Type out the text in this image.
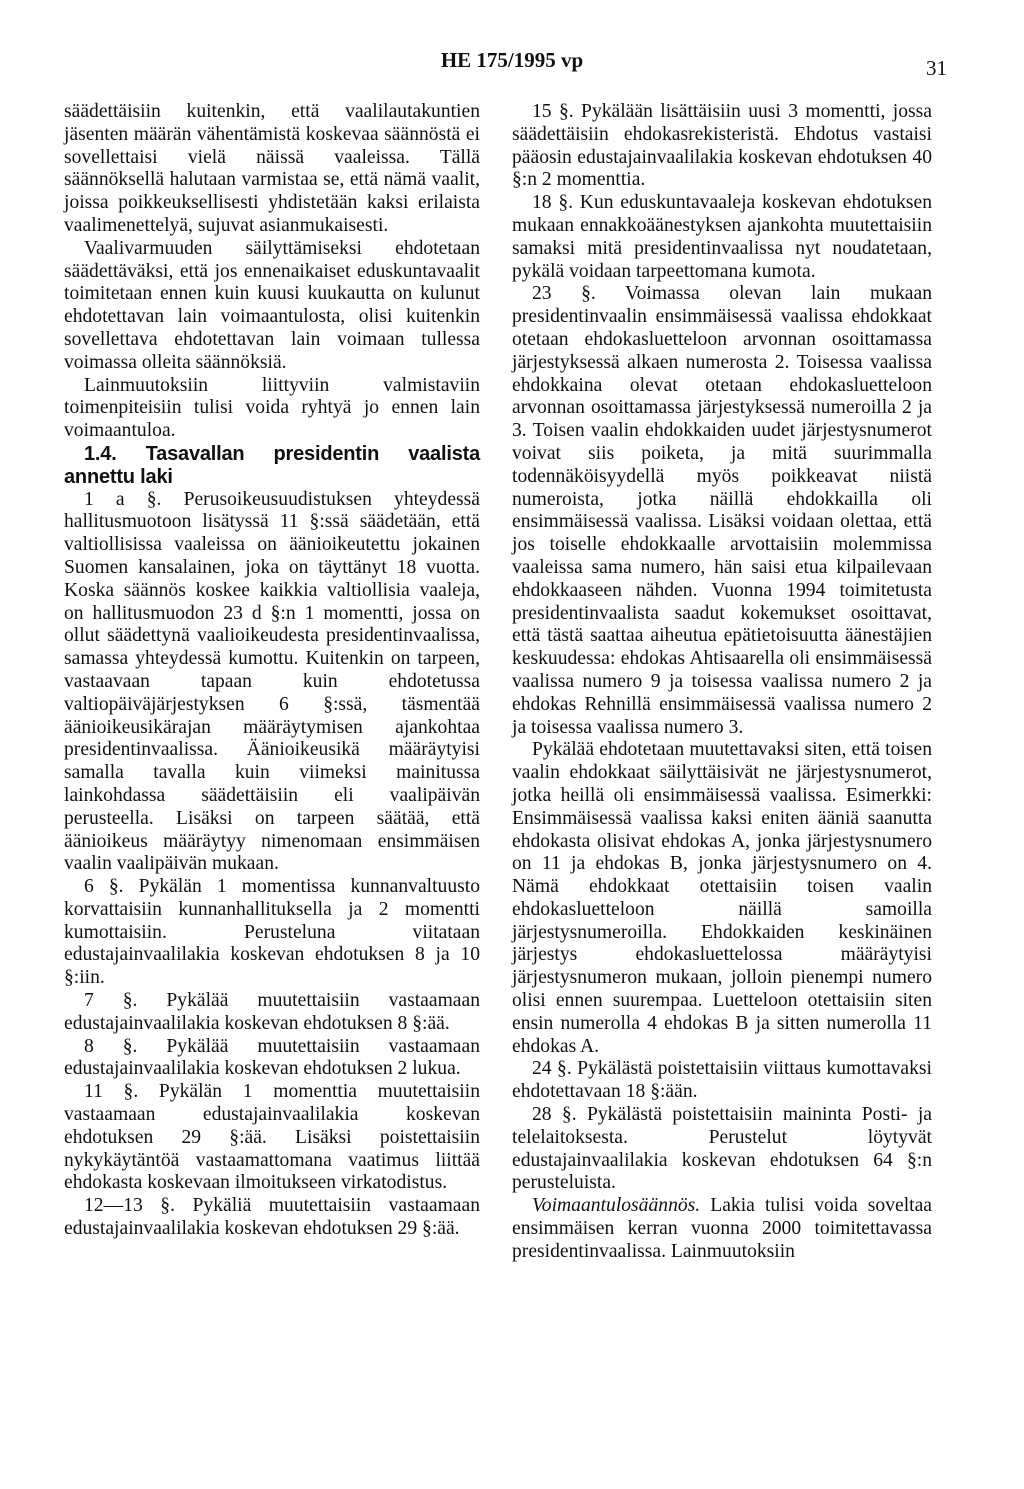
HE 175/1995 vp	31

säädettäisiin kuitenkin, että vaalilautakuntien jäsenten määrän vähentämistä koskevaa säännöstä ei sovellettaisi vielä näissä vaaleissa. Tällä säännöksellä halutaan varmistaa se, että nämä vaalit, joissa poikkeuksellisesti yhdistetään kaksi erilaista vaalimenettelyä, sujuvat asianmukaisesti.

Vaalivarmuuden säilyttämiseksi ehdotetaan säädettäväksi, että jos ennenaikaiset eduskuntavaalit toimitetaan ennen kuin kuusi kuukautta on kulunut ehdotettavan lain voimaantulosta, olisi kuitenkin sovellettava ehdotettavan lain voimaan tullessa voimassa olleita säännöksiä.

Lainmuutoksiin liittyviin valmistaviin toimenpiteisiin tulisi voida ryhtyä jo ennen lain voimaantuloa.

1.4. Tasavallan presidentin vaalista annettu laki

1 a §. Perusoikeusuudistuksen yhteydessä hallitusmuotoon lisätyssä 11 §:ssä säädetään, että valtiollisissa vaaleissa on äänioikeutettu jokainen Suomen kansalainen, joka on täyttänyt 18 vuotta. Koska säännös koskee kaikkia valtiollisia vaaleja, on hallitusmuodon 23 d §:n 1 momentti, jossa on ollut säädettynä vaalioikeudesta presidentinvaalissa, samassa yhteydessä kumottu. Kuitenkin on tarpeen, vastaavaan tapaan kuin ehdotetussa valtiopäiväjärjestyksen 6 §:ssä, täsmentää äänioikeusikärajan määräytymisen ajankohtaa presidentinvaalissa. Äänioikeusikä määräytyisi samalla tavalla kuin viimeksi mainitussa lainkohdassa säädettäisiin eli vaalipäivän perusteella. Lisäksi on tarpeen säätää, että äänioikeus määräytyy nimenomaan ensimmäisen vaalin vaalipäivän mukaan.

6 §. Pykälän 1 momentissa kunnanvaltuusto korvattaisiin kunnanhallituksella ja 2 momentti kumottaisiin. Perusteluna viitataan edustajainvaalilakia koskevan ehdotuksen 8 ja 10 §:iin.

7 §. Pykälää muutettaisiin vastaamaan edustajainvaalilakia koskevan ehdotuksen 8 §:ää.

8 §. Pykälää muutettaisiin vastaamaan edustajainvaalilakia koskevan ehdotuksen 2 lukua.

11 §. Pykälän 1 momenttia muutettaisiin vastaamaan edustajainvaalilakia koskevan ehdotuksen 29 §:ää. Lisäksi poistettaisiin nykykäytäntöä vastaamattomana vaatimus liittää ehdokasta koskevaan ilmoitukseen virkatodistus.

12—13 §. Pykäliä muutettaisiin vastaamaan edustajainvaalilakia koskevan ehdotuksen 29 §:ää.

15 §. Pykälään lisättäisiin uusi 3 momentti, jossa säädettäisiin ehdokasrekisteristä. Ehdotus vastaisi pääosin edustajainvaalilakia koskevan ehdotuksen 40 §:n 2 momenttia.

18 §. Kun eduskuntavaaleja koskevan ehdotuksen mukaan ennakkoäänestyksen ajankohta muutettaisiin samaksi mitä presidentinvaalissa nyt noudatetaan, pykälä voidaan tarpeettomana kumota.

23 §. Voimassa olevan lain mukaan presidentinvaalin ensimmäisessä vaalissa ehdokkaat otetaan ehdokasluetteloon arvonnan osoittamassa järjestyksessä alkaen numerosta 2. Toisessa vaalissa ehdokkaina olevat otetaan ehdokasluetteloon arvonnan osoittamassa järjestyksessä numeroilla 2 ja 3. Toisen vaalin ehdokkaiden uudet järjestysnumerot voivat siis poiketa, ja mitä suurimmalla todennäköisyydellä myös poikkeavat niistä numeroista, jotka näillä ehdokkailla oli ensimmäisessä vaalissa. Lisäksi voidaan olettaa, että jos toiselle ehdokkaalle arvottaisiin molemmissa vaaleissa sama numero, hän saisi etua kilpailevaan ehdokkaaseen nähden. Vuonna 1994 toimitetusta presidentinvaalista saadut kokemukset osoittavat, että tästä saattaa aiheutua epätietoisuutta äänestäjien keskuudessa: ehdokas Ahtisaarella oli ensimmäisessä vaalissa numero 9 ja toisessa vaalissa numero 2 ja ehdokas Rehnillä ensimmäisessä vaalissa numero 2 ja toisessa vaalissa numero 3.

Pykälää ehdotetaan muutettavaksi siten, että toisen vaalin ehdokkaat säilyttäisivät ne järjestysnumerot, jotka heillä oli ensimmäisessä vaalissa. Esimerkki: Ensimmäisessä vaalissa kaksi eniten ääniä saanutta ehdokasta olisivat ehdokas A, jonka järjestysnumero on 11 ja ehdokas B, jonka järjestysnumero on 4. Nämä ehdokkaat otettaisiin toisen vaalin ehdokasluetteloon näillä samoilla järjestysnumeroilla. Ehdokkaiden keskinäinen järjestys ehdokasluettelossa määräytyisi järjestysnumeron mukaan, jolloin pienempi numero olisi ennen suurempaa. Luetteloon otettaisiin siten ensin numerolla 4 ehdokas B ja sitten numerolla 11 ehdokas A.

24 §. Pykälästä poistettaisiin viittaus kumottavaksi ehdotettavaan 18 §:ään.

28 §. Pykälästä poistettaisiin maininta Posti- ja telelaitoksesta. Perustelut löytyvät edustajainvaalilakia koskevan ehdotuksen 64 §:n perusteluista.

Voimaantulosäännös. Lakia tulisi voida soveltaa ensimmäisen kerran vuonna 2000 toimitettavassa presidentinvaalissa. Lainmuutoksiin
